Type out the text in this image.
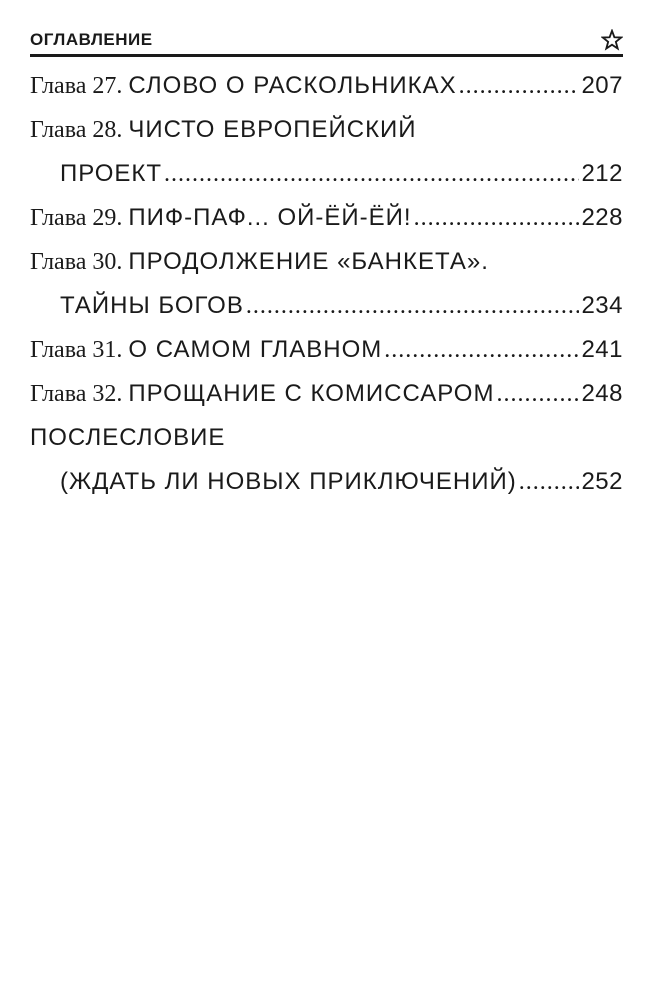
ОГЛАВЛЕНИЕ
Глава 27. СЛОВО О РАСКОЛЬНИКАХ .....	207
Глава 28. ЧИСТО ЕВРОПЕЙСКИЙ
ПРОЕКТ .....	212
Глава 29. ПИФ-ПАФ... ОЙ-ЁЙ-ЁЙ! .....	228
Глава 30. ПРОДОЛЖЕНИЕ «БАНКЕТА».
ТАЙНЫ БОГОВ .....	234
Глава 31. О САМОМ ГЛАВНОМ .....	241
Глава 32. ПРОЩАНИЕ С КОМИССАРОМ .....	248
ПОСЛЕСЛОВИЕ
(ЖДАТЬ ЛИ НОВЫХ ПРИКЛЮЧЕНИЙ) .....	252
